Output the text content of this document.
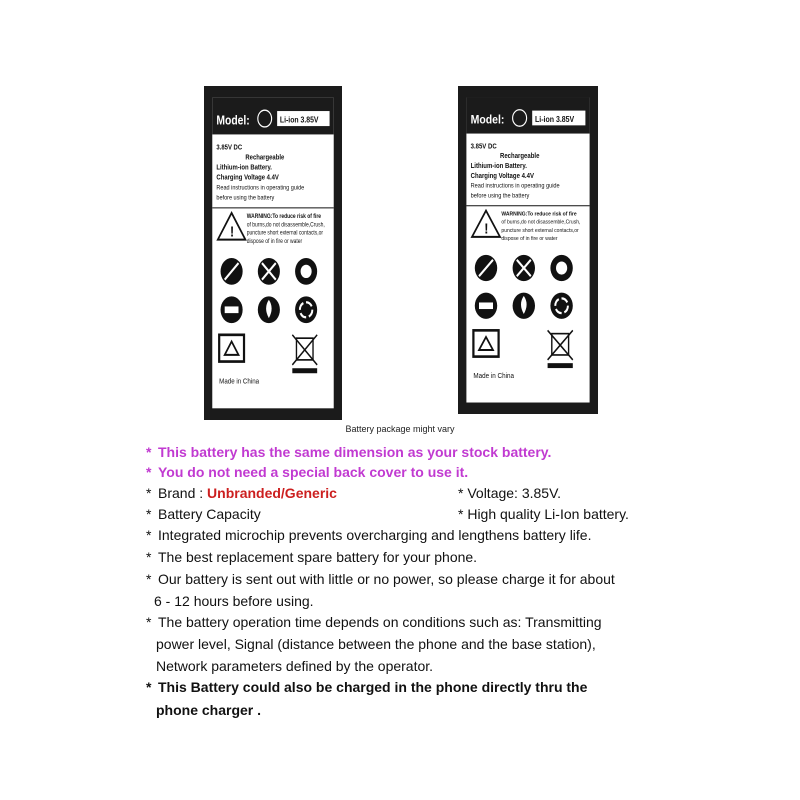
Model:	Li-ion 3.85V
3.85V DC
Rechargeable
Lithium-ion Battery.
Charging Voltage 4.4V
Read instructions in operating guide
before using the battery
!
WARNING:To reduce risk of fire
of burns,do not disassemble,Crush,
puncture short external contacts,or
dispose of in fire or water
Made in China
Model:	Li-ion 3.85V
3.85V DC
Rechargeable
Lithium-ion Battery.
Charging Voltage 4.4V
Read instructions in operating guide
before using the battery
!
WARNING:To reduce risk of fire
of burns,do not disassemble,Crush,
puncture short external contacts,or
dispose of in fire or water
Made in China
Battery package might vary
* This battery has the same dimension as your stock battery.
* You do not need a special back cover to use it.
* Brand : Unbranded/Generic	* Voltage: 3.85V.
* Battery Capacity	* High quality Li-Ion battery.
* Integrated microchip prevents overcharging and lengthens battery life.
* The best replacement spare battery for your phone.
* Our battery is sent out with little or no power, so please charge it for about
6 - 12 hours before using.
* The battery operation time depends on conditions such as: Transmitting
power level, Signal (distance between the phone and the base station),
Network parameters defined by the operator.
* This Battery could also be charged in the phone directly thru the
phone charger .
